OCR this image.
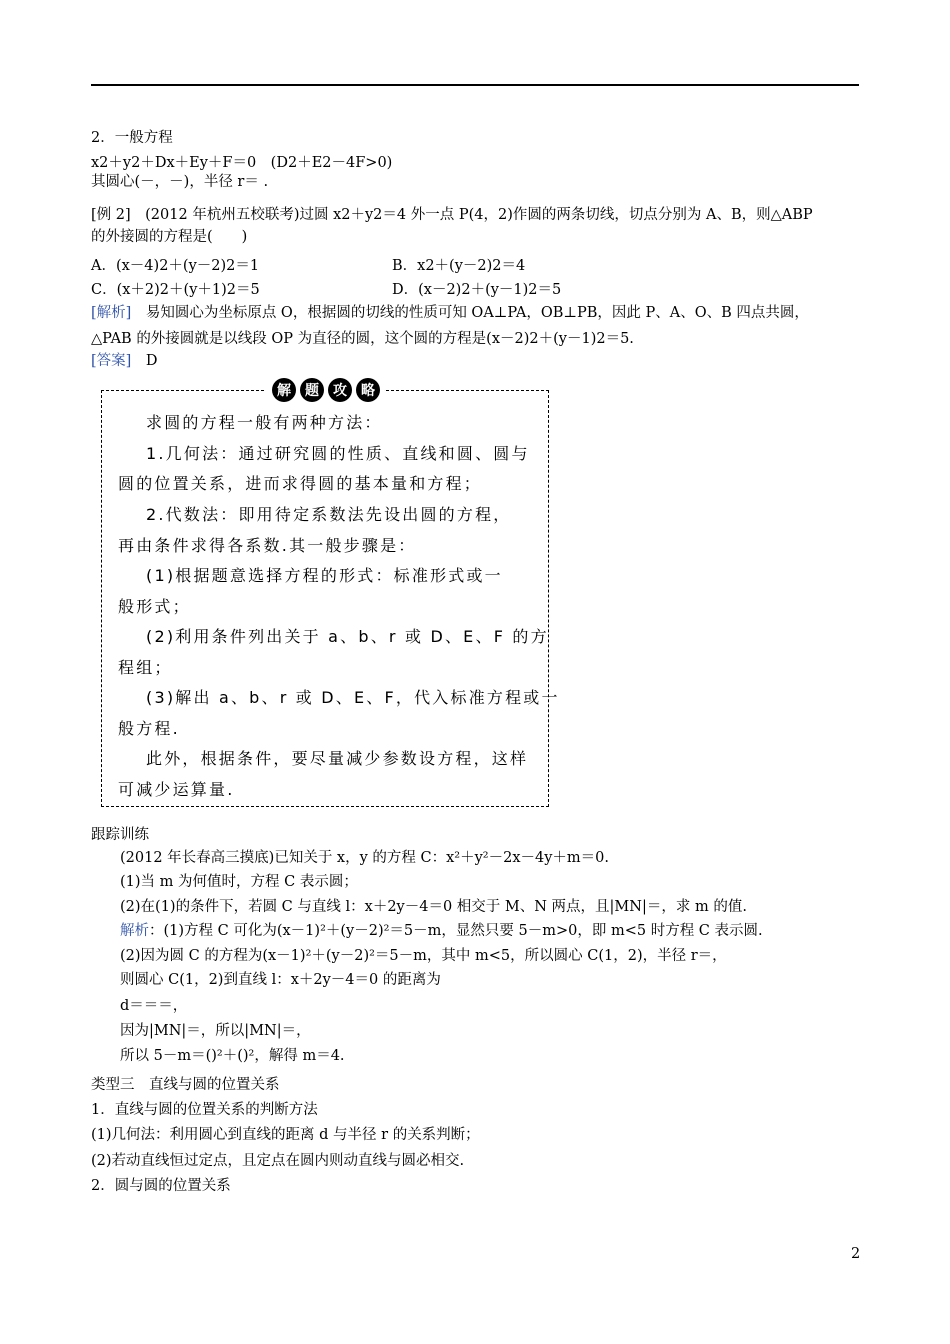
2．一般方程
x2＋y2＋Dx＋Ey＋F＝0　(D2＋E2－4F>0)
其圆心(－，－)，半径 r＝ .
[例 2]　(2012 年杭州五校联考)过圆 x2＋y2＝4 外一点 P(4，2)作圆的两条切线，切点分别为 A、B，则△ABP
的外接圆的方程是(　　)
A．(x－4)2＋(y－2)2＝1	B．x2＋(y－2)2＝4
C．(x＋2)2＋(y＋1)2＝5	D．(x－2)2＋(y－1)2＝5
[解析]　易知圆心为坐标原点 O，根据圆的切线的性质可知 OA⊥PA，OB⊥PB，因此 P、A、O、B 四点共圆，
△PAB 的外接圆就是以线段 OP 为直径的圆，这个圆的方程是(x－2)2＋(y－1)2＝5.
[答案]　D
解	题	攻	略
求圆的方程一般有两种方法：
1.几何法：通过研究圆的性质、直线和圆、圆与
圆的位置关系，进而求得圆的基本量和方程；
2.代数法：即用待定系数法先设出圆的方程，
再由条件求得各系数.其一般步骤是：
(1)根据题意选择方程的形式：标准形式或一
般形式；
(2)利用条件列出关于 a、b、r 或 D、E、F 的方
程组；
(3)解出 a、b、r 或 D、E、F，代入标准方程或一
般方程.
此外，根据条件，要尽量减少参数设方程，这样
可减少运算量.
跟踪训练
(2012 年长春高三摸底)已知关于 x，y 的方程 C：x²＋y²－2x－4y＋m＝0.
(1)当 m 为何值时，方程 C 表示圆；
(2)在(1)的条件下，若圆 C 与直线 l：x＋2y－4＝0 相交于 M、N 两点，且|MN|＝，求 m 的值.
解析：(1)方程 C 可化为(x－1)²＋(y－2)²＝5－m，显然只要 5－m>0，即 m<5 时方程 C 表示圆.
(2)因为圆 C 的方程为(x－1)²＋(y－2)²＝5－m，其中 m<5，所以圆心 C(1，2)，半径 r＝，
则圆心 C(1，2)到直线 l：x＋2y－4＝0 的距离为
d＝＝＝，
因为|MN|＝，所以|MN|＝，
所以 5－m＝()²＋()²，解得 m＝4.
类型三　直线与圆的位置关系
1．直线与圆的位置关系的判断方法
(1)几何法：利用圆心到直线的距离 d 与半径 r 的关系判断；
(2)若动直线恒过定点，且定点在圆内则动直线与圆必相交.
2．圆与圆的位置关系
2
